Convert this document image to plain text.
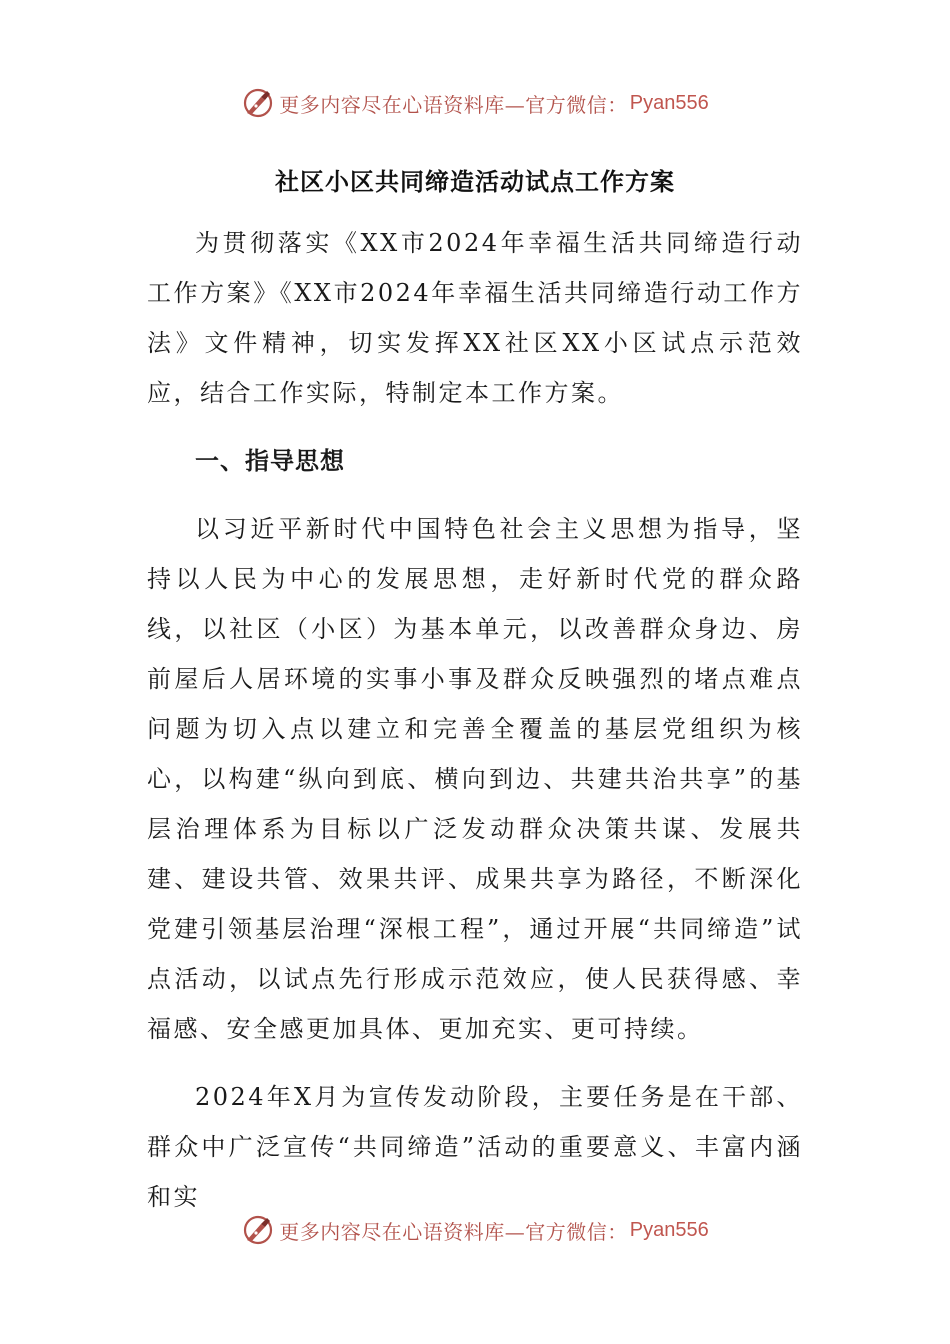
更多内容尽在心语资料库—官方微信： Pyan556
社区小区共同缔造活动试点工作方案

为贯彻落实《XX市2024年幸福生活共同缔造行动工作方案》《XX市2024年幸福生活共同缔造行动工作方法》文件精神，切实发挥XX社区XX小区试点示范效应，结合工作实际，特制定本工作方案。

一、指导思想

以习近平新时代中国特色社会主义思想为指导，坚持以人民为中心的发展思想，走好新时代党的群众路线，以社区（小区）为基本单元，以改善群众身边、房前屋后人居环境的实事小事及群众反映强烈的堵点难点问题为切入点以建立和完善全覆盖的基层党组织为核心，以构建“纵向到底、横向到边、共建共治共享”的基层治理体系为目标以广泛发动群众决策共谋、发展共建、建设共管、效果共评、成果共享为路径，不断深化党建引领基层治理“深根工程”，通过开展“共同缔造”试点活动，以试点先行形成示范效应，使人民获得感、幸福感、安全感更加具体、更加充实、更可持续。

2024年X月为宣传发动阶段，主要任务是在干部、群众中广泛宣传“共同缔造”活动的重要意义、丰富内涵和实

更多内容尽在心语资料库—官方微信： Pyan556
